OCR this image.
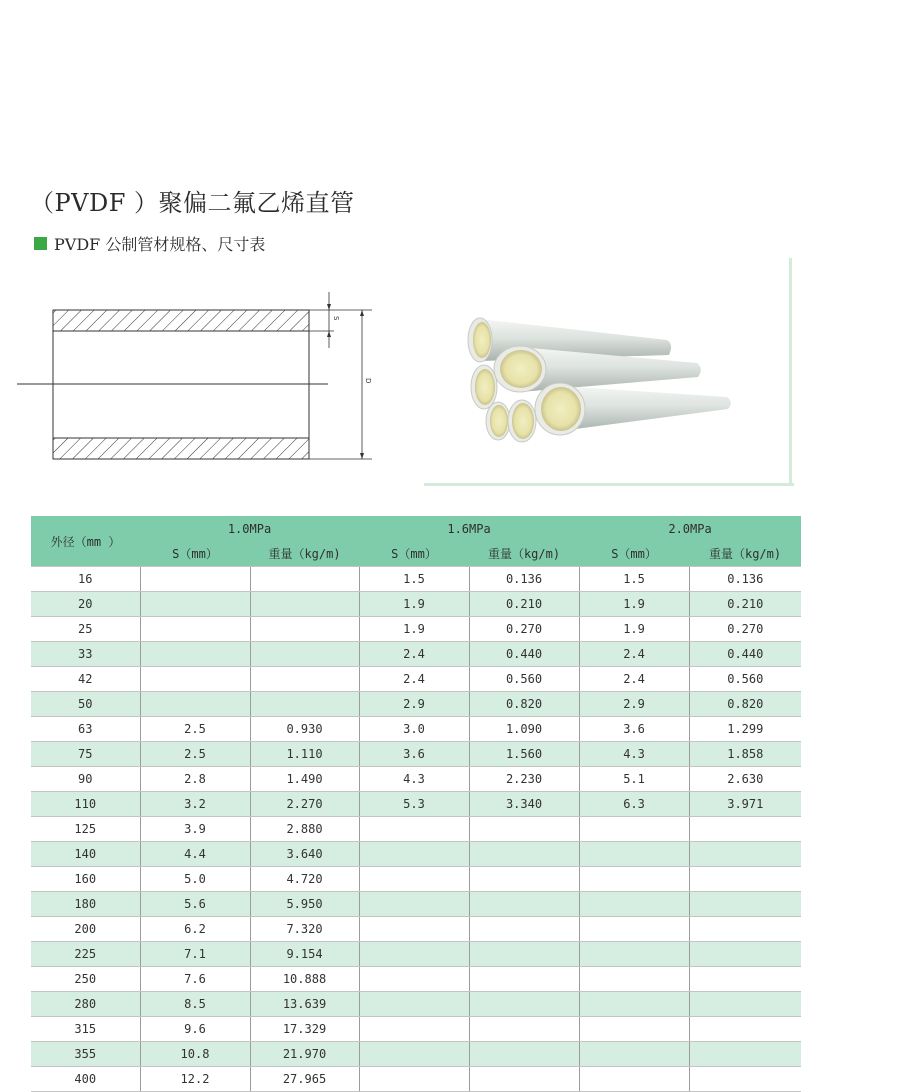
（PVDF ）聚偏二氟乙烯直管
PVDF 公制管材规格、尺寸表
S
D
外径（mm ）	1.0MPa		1.6MPa		2.0MPa	
	S（mm）	重量（kg/m)	S（mm）	重量（kg/m)	S（mm）	重量（kg/m)
16			1.5	0.136	1.5	0.136
20			1.9	0.210	1.9	0.210
25			1.9	0.270	1.9	0.270
33			2.4	0.440	2.4	0.440
42			2.4	0.560	2.4	0.560
50			2.9	0.820	2.9	0.820
63	2.5	0.930	3.0	1.090	3.6	1.299
75	2.5	1.110	3.6	1.560	4.3	1.858
90	2.8	1.490	4.3	2.230	5.1	2.630
110	3.2	2.270	5.3	3.340	6.3	3.971
125	3.9	2.880				
140	4.4	3.640				
160	5.0	4.720				
180	5.6	5.950				
200	6.2	7.320				
225	7.1	9.154				
250	7.6	10.888				
280	8.5	13.639				
315	9.6	17.329				
355	10.8	21.970				
400	12.2	27.965				
